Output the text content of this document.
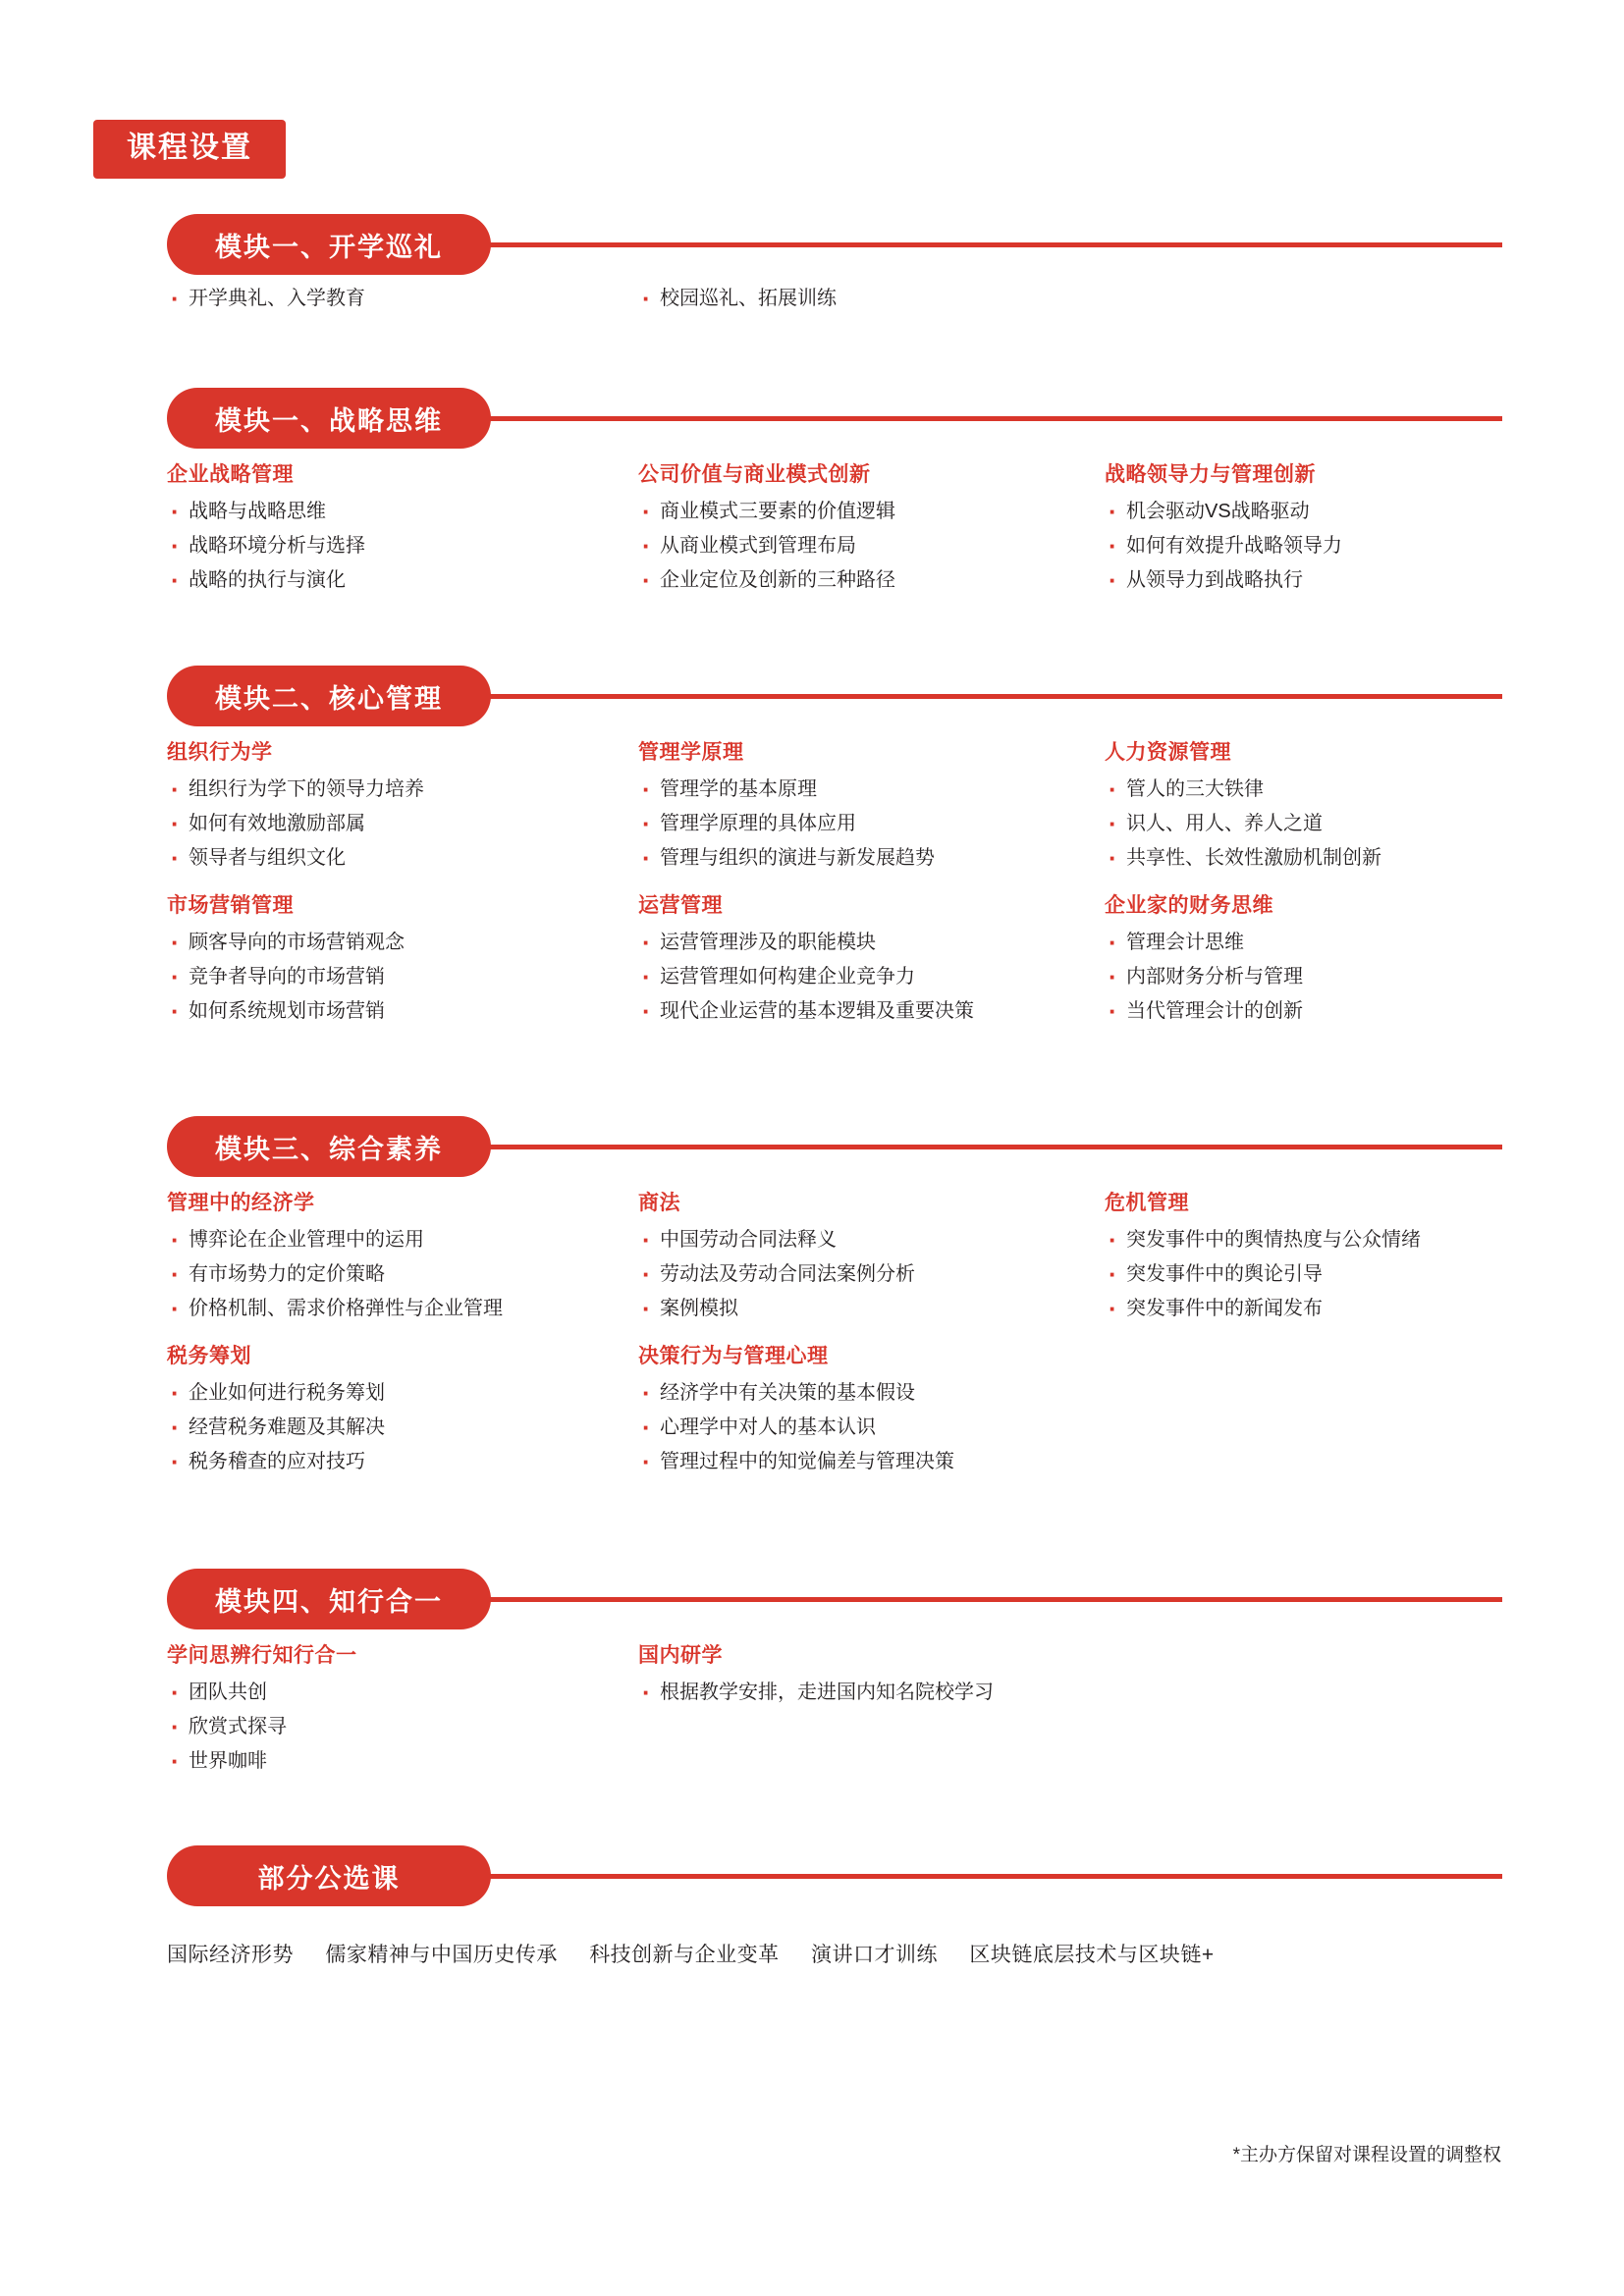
课程设置
模块一、开学巡礼
· 开学典礼、入学教育	· 校园巡礼、拓展训练
模块一、战略思维
企业战略管理
· 战略与战略思维
· 战略环境分析与选择
· 战略的执行与演化
公司价值与商业模式创新
· 商业模式三要素的价值逻辑
· 从商业模式到管理布局
· 企业定位及创新的三种路径
战略领导力与管理创新
· 机会驱动VS战略驱动
· 如何有效提升战略领导力
· 从领导力到战略执行
模块二、核心管理
组织行为学
· 组织行为学下的领导力培养
· 如何有效地激励部属
· 领导者与组织文化
市场营销管理
· 顾客导向的市场营销观念
· 竞争者导向的市场营销
· 如何系统规划市场营销
管理学原理
· 管理学的基本原理
· 管理学原理的具体应用
· 管理与组织的演进与新发展趋势
运营管理
· 运营管理涉及的职能模块
· 运营管理如何构建企业竞争力
· 现代企业运营的基本逻辑及重要决策
人力资源管理
· 管人的三大铁律
· 识人、用人、养人之道
· 共享性、长效性激励机制创新
企业家的财务思维
· 管理会计思维
· 内部财务分析与管理
· 当代管理会计的创新
模块三、综合素养
管理中的经济学
· 博弈论在企业管理中的运用
· 有市场势力的定价策略
· 价格机制、需求价格弹性与企业管理
税务筹划
· 企业如何进行税务筹划
· 经营税务难题及其解决
· 税务稽查的应对技巧
商法
· 中国劳动合同法释义
· 劳动法及劳动合同法案例分析
· 案例模拟
决策行为与管理心理
· 经济学中有关决策的基本假设
· 心理学中对人的基本认识
· 管理过程中的知觉偏差与管理决策
危机管理
· 突发事件中的舆情热度与公众情绪
· 突发事件中的舆论引导
· 突发事件中的新闻发布
模块四、知行合一
学问思辨行知行合一
· 团队共创
· 欣赏式探寻
· 世界咖啡
国内研学
· 根据教学安排，走进国内知名院校学习
部分公选课
国际经济形势 儒家精神与中国历史传承 科技创新与企业变革 演讲口才训练 区块链底层技术与区块链+
*主办方保留对课程设置的调整权
